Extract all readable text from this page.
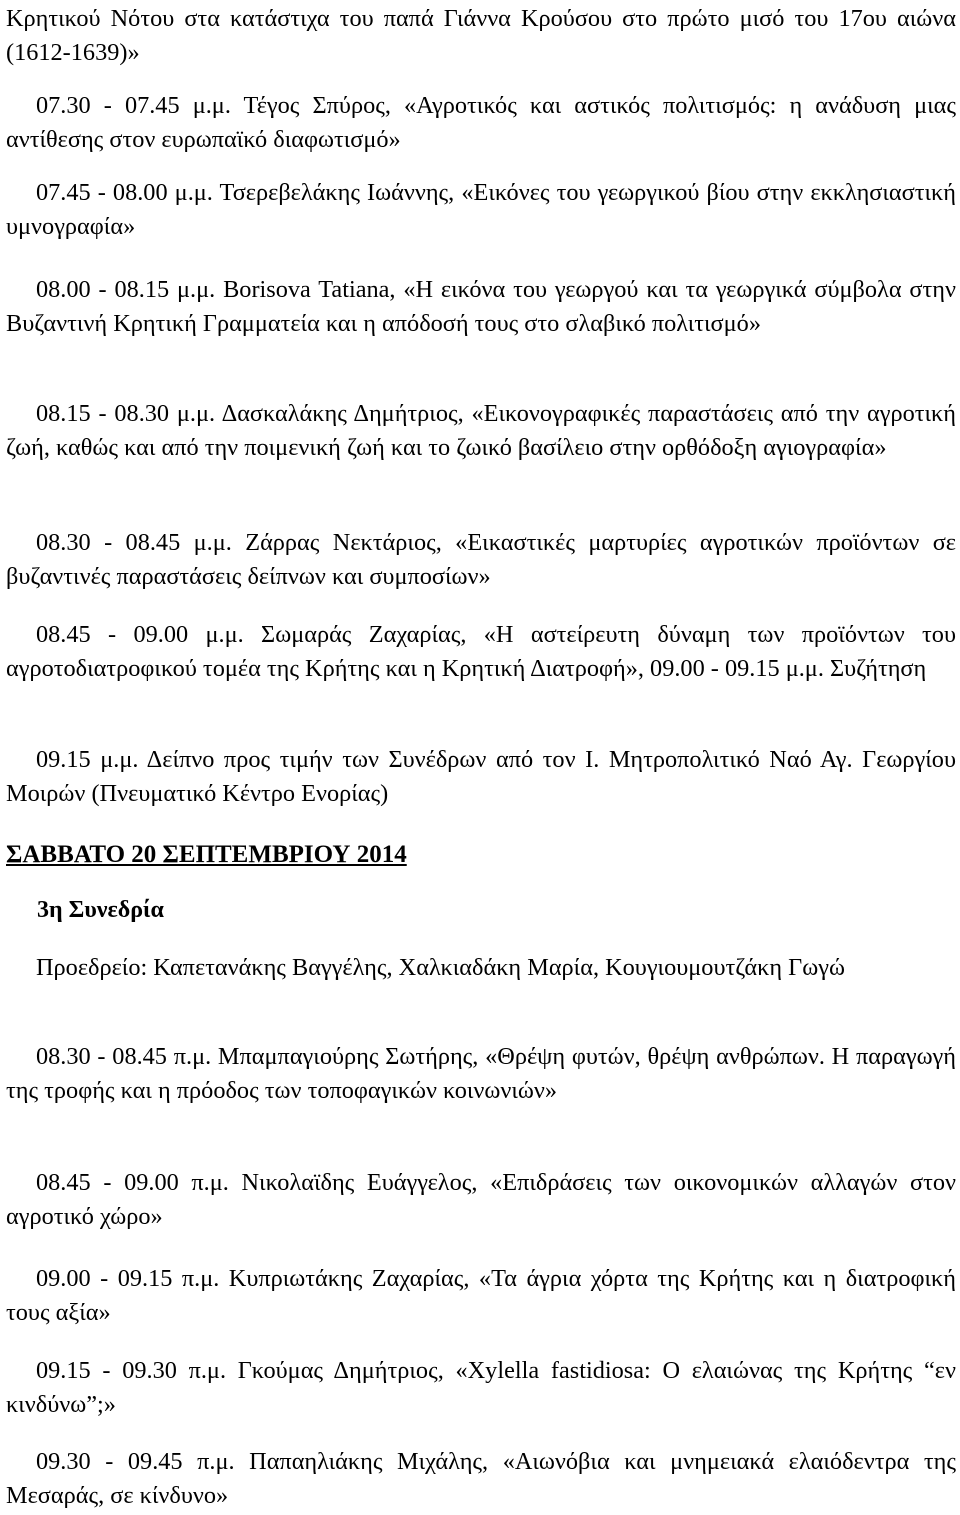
Κρητικού Νότου στα κατάστιχα του παπά Γιάννα Κρούσου στο πρώτο μισό του 17ου αιώνα (1612-1639)»

07.30 - 07.45 μ.μ. Τέγος Σπύρος, «Αγροτικός και αστικός πολιτισμός: η ανάδυση μιας αντίθεσης στον ευρωπαϊκό διαφωτισμό»

07.45 - 08.00 μ.μ. Τσερεβελάκης Ιωάννης, «Εικόνες του γεωργικού βίου στην εκκλησιαστική υμνογραφία»

08.00 - 08.15 μ.μ. Borisova Tatiana, «Η εικόνα του γεωργού και τα γεωργικά σύμβολα στην Βυζαντινή Κρητική Γραμματεία και η απόδοσή τους στο σλαβικό πολιτισμό»

08.15 - 08.30 μ.μ. Δασκαλάκης Δημήτριος, «Εικονογραφικές παραστάσεις από την αγροτική ζωή, καθώς και από την ποιμενική ζωή και το ζωικό βασίλειο στην ορθόδοξη αγιογραφία»

08.30 - 08.45 μ.μ. Ζάρρας Νεκτάριος, «Εικαστικές μαρτυρίες αγροτικών προϊόντων σε βυζαντινές παραστάσεις δείπνων και συμποσίων»

08.45 - 09.00 μ.μ. Σωμαράς Ζαχαρίας, «Η αστείρευτη δύναμη των προϊόντων του αγροτοδιατροφικού τομέα της Κρήτης και η Κρητική Διατροφή», 09.00 - 09.15 μ.μ. Συζήτηση

09.15 μ.μ. Δείπνο προς τιμήν των Συνέδρων από τον Ι. Μητροπολιτικό Ναό Αγ. Γεωργίου Μοιρών (Πνευματικό Κέντρο Ενορίας)

ΣΑΒΒΑΤΟ 20 ΣΕΠΤΕΜΒΡΙΟΥ 2014

3η Συνεδρία

Προεδρείο: Καπετανάκης Βαγγέλης, Χαλκιαδάκη Μαρία, Κουγιουμουτζάκη Γωγώ

08.30 - 08.45 π.μ. Μπαμπαγιούρης Σωτήρης, «Θρέψη φυτών, θρέψη ανθρώπων. Η παραγωγή της τροφής και η πρόοδος των τοποφαγικών κοινωνιών»

08.45 - 09.00 π.μ. Νικολαϊδης Ευάγγελος, «Επιδράσεις των οικονομικών αλλαγών στον αγροτικό χώρο»

09.00 - 09.15 π.μ. Κυπριωτάκης Ζαχαρίας, «Τα άγρια χόρτα της Κρήτης και η διατροφική τους αξία»

09.15 - 09.30 π.μ. Γκούμας Δημήτριος, «Xylella fastidiosa: Ο ελαιώνας της Κρήτης “εν κινδύνω”;»

09.30 - 09.45 π.μ. Παπαηλιάκης Μιχάλης, «Αιωνόβια και μνημειακά ελαιόδεντρα της Μεσαράς, σε κίνδυνο»
